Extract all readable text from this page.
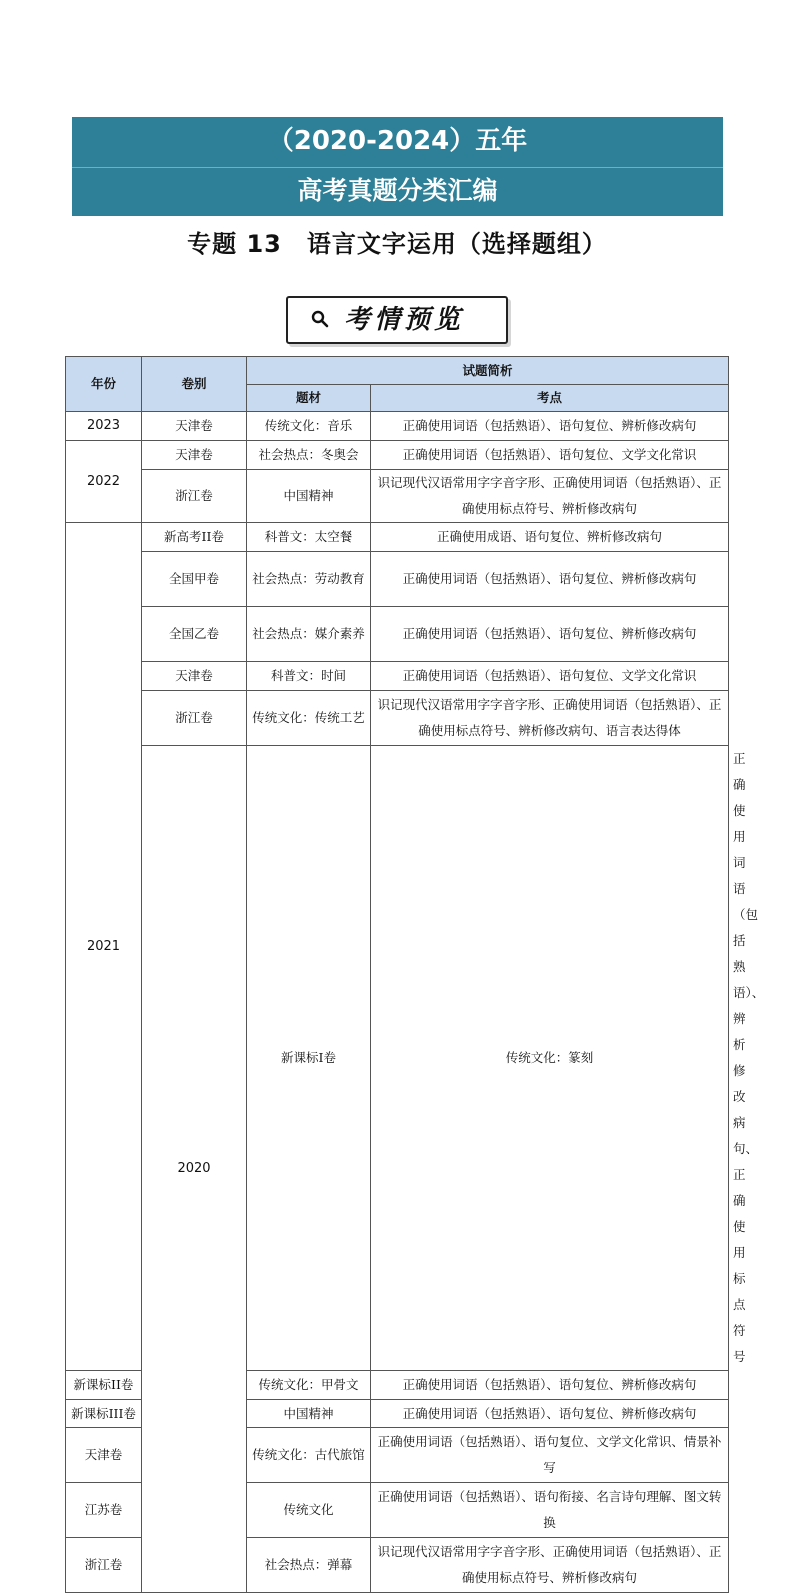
（2020-2024）五年
高考真题分类汇编
专题 13　语言文字运用（选择题组）
考情预览
年份	卷别	试题简析		
		题材	考点	
2023	天津卷	传统文化：音乐	正确使用词语（包括熟语）、语句复位、辨析修改病句	
2022	天津卷	社会热点：冬奥会	正确使用词语（包括熟语）、语句复位、文学文化常识	
	浙江卷	中国精神	识记现代汉语常用字字音字形、正确使用词语（包括熟语）、正确使用标点符号、辨析修改病句	
2021	新高考II卷	科普文：太空餐	正确使用成语、语句复位、辨析修改病句	
	全国甲卷	社会热点：劳动教育	正确使用词语（包括熟语）、语句复位、辨析修改病句	
	全国乙卷	社会热点：媒介素养	正确使用词语（包括熟语）、语句复位、辨析修改病句	
	天津卷	科普文：时间	正确使用词语（包括熟语）、语句复位、文学文化常识	
	浙江卷	传统文化：传统工艺	识记现代汉语常用字字音字形、正确使用词语（包括熟语）、正确使用标点符号、辨析修改病句、语言表达得体	
	2020	新课标Ⅰ卷	传统文化：篆刻	正确使用词语（包括熟语）、辨析修改病句、正确使用标点符号
新课标II卷		传统文化：甲骨文	正确使用词语（包括熟语）、语句复位、辨析修改病句	
新课标III卷		中国精神	正确使用词语（包括熟语）、语句复位、辨析修改病句	
天津卷		传统文化：古代旅馆	正确使用词语（包括熟语）、语句复位、文学文化常识、情景补写	
江苏卷		传统文化	正确使用词语（包括熟语）、语句衔接、名言诗句理解、图文转换	
浙江卷		社会热点：弹幕	识记现代汉语常用字字音字形、正确使用词语（包括熟语）、正确使用标点符号、辨析修改病句	
